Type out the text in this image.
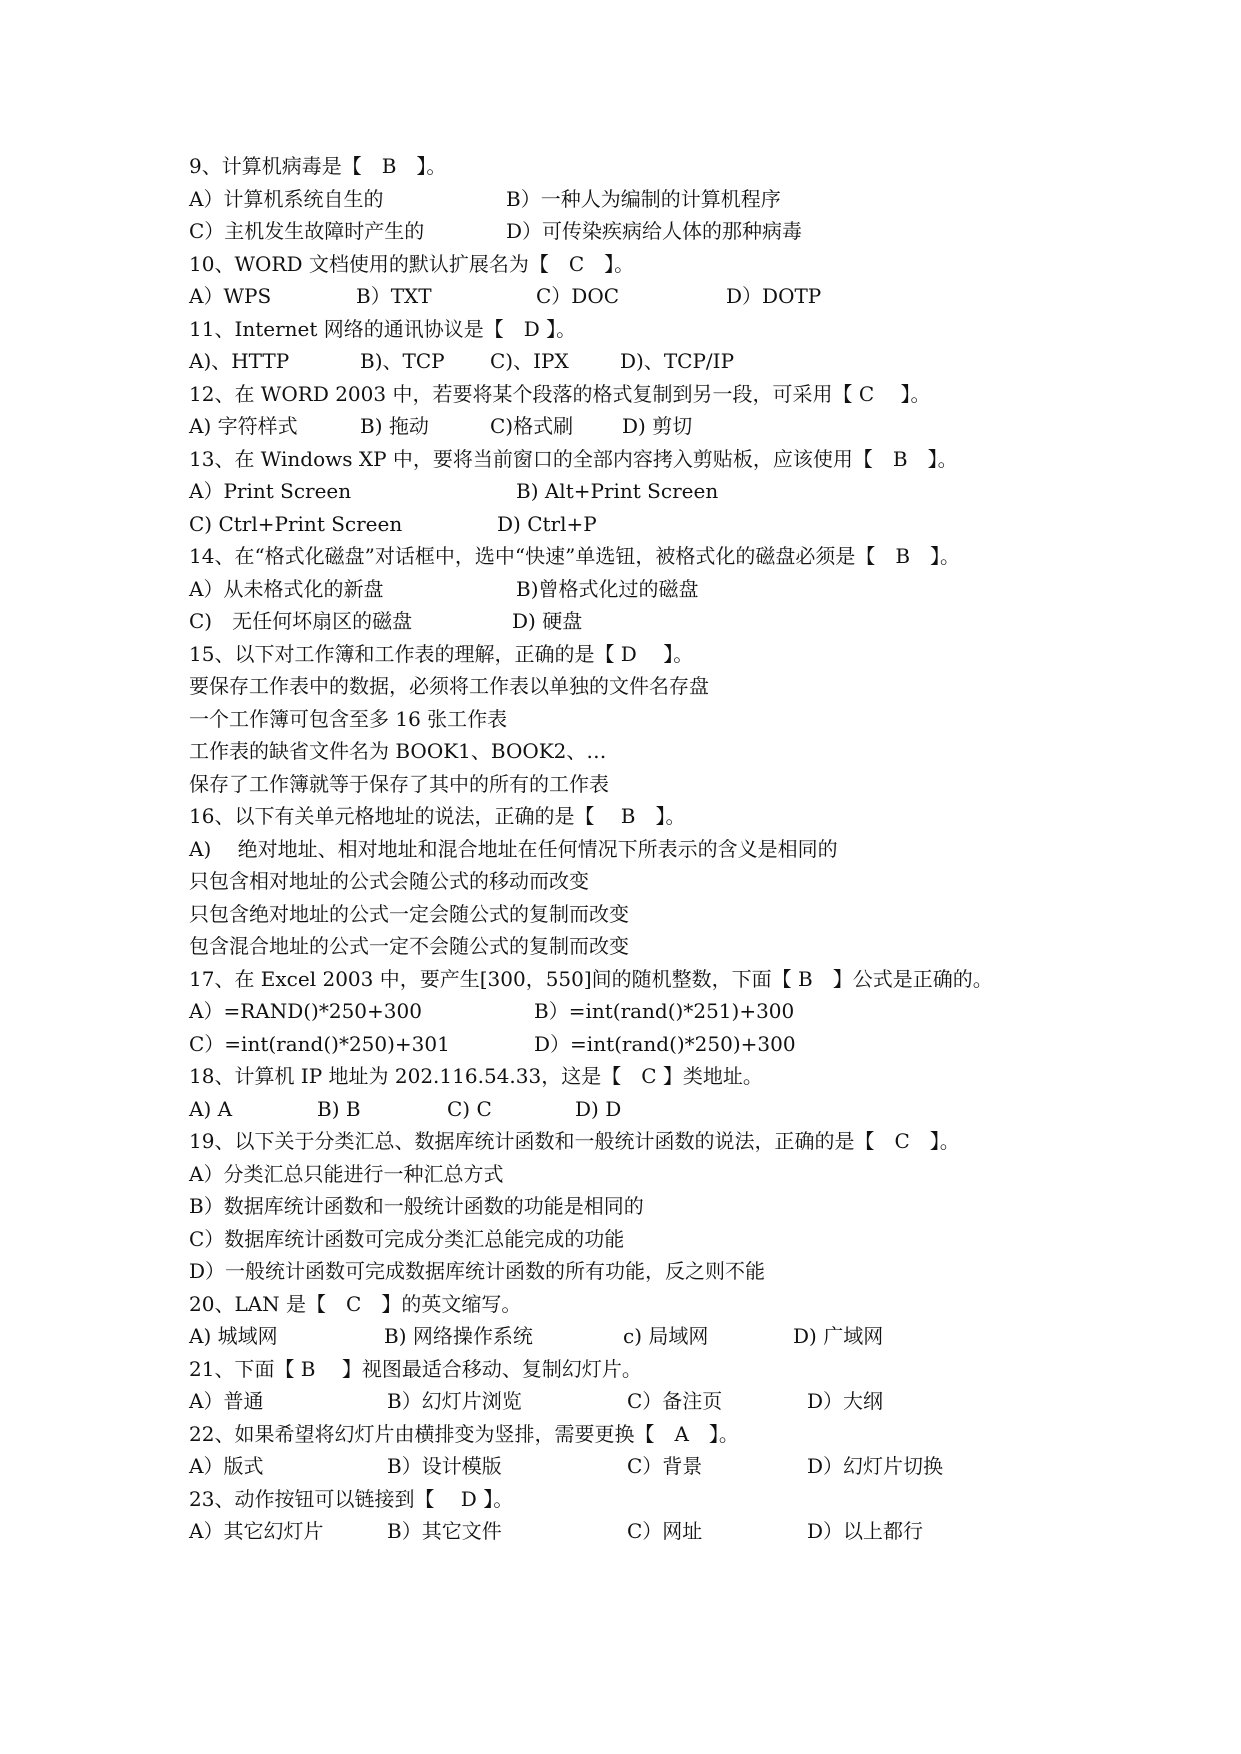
9、计算机病毒是【　B　】。
A）计算机系统自生的	B）一种人为编制的计算机程序
C）主机发生故障时产生的	D）可传染疾病给人体的那种病毒
10、WORD 文档使用的默认扩展名为【　C　】。
A）WPS	B）TXT	C）DOC	D）DOTP
11、Internet 网络的通讯协议是【　D 】。
A)、HTTP	B)、TCP C)、IPX	D)、TCP/IP
12、在 WORD 2003 中，若要将某个段落的格式复制到另一段，可采用【 C　 】。
A) 字符样式	B) 拖动	C)格式刷 D) 剪切
13、在 Windows XP 中，要将当前窗口的全部内容拷入剪贴板，应该使用【　B　】。
A）Print Screen	B) Alt+Print Screen
C) Ctrl+Print Screen	D) Ctrl+P
14、在“格式化磁盘”对话框中，选中“快速”单选钮，被格式化的磁盘必须是【　B　】。
A）从未格式化的新盘	B)曾格式化过的磁盘
C)　无任何坏扇区的磁盘	D) 硬盘
15、以下对工作簿和工作表的理解，正确的是【 D　 】。
要保存工作表中的数据，必须将工作表以单独的文件名存盘
一个工作簿可包含至多 16 张工作表
工作表的缺省文件名为 BOOK1、BOOK2、…
保存了工作簿就等于保存了其中的所有的工作表
16、以下有关单元格地址的说法，正确的是【　 B　】。
A)　 绝对地址、相对地址和混合地址在任何情况下所表示的含义是相同的
只包含相对地址的公式会随公式的移动而改变
只包含绝对地址的公式一定会随公式的复制而改变
包含混合地址的公式一定不会随公式的复制而改变
17、在 Excel 2003 中，要产生[300，550]间的随机整数，下面【 B　】公式是正确的。
A）=RAND()*250+300	B）=int(rand()*251)+300
C）=int(rand()*250)+301	D）=int(rand()*250)+300
18、计算机 IP 地址为 202.116.54.33，这是【　C 】类地址。
A) A	B) B	C) C	D) D
19、以下关于分类汇总、数据库统计函数和一般统计函数的说法，正确的是【　C　】。
A）分类汇总只能进行一种汇总方式
B）数据库统计函数和一般统计函数的功能是相同的
C）数据库统计函数可完成分类汇总能完成的功能
D）一般统计函数可完成数据库统计函数的所有功能，反之则不能
20、LAN 是【　C　】的英文缩写。
A) 城域网	B) 网络操作系统	c) 局域网	D) 广域网
21、下面【 B　 】视图最适合移动、复制幻灯片。
A）普通	B）幻灯片浏览	C）备注页	D）大纲
22、如果希望将幻灯片由横排变为竖排，需要更换【　A　】。
A）版式	B）设计模版	C）背景	D）幻灯片切换
23、动作按钮可以链接到【　 D 】。
A）其它幻灯片	B）其它文件	C）网址	D）以上都行
